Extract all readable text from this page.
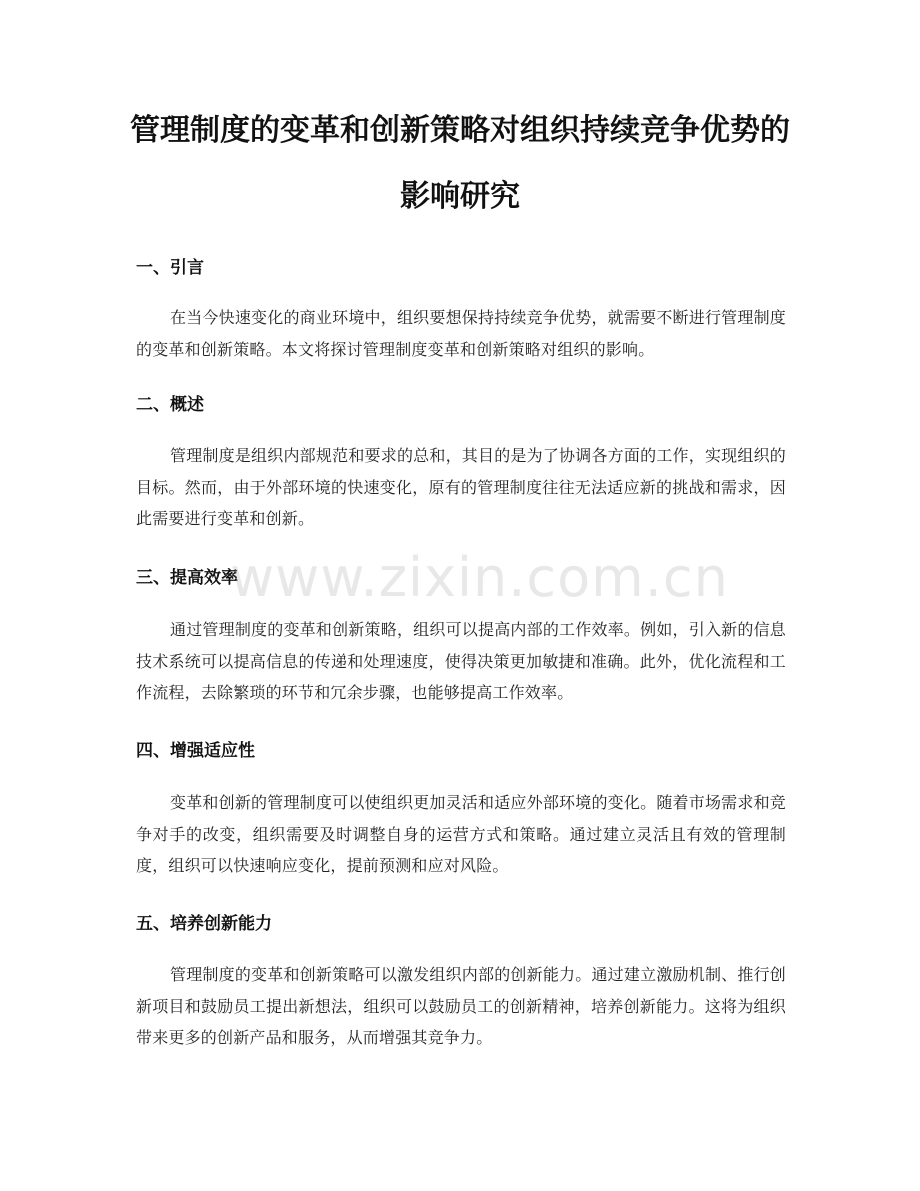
管理制度的变革和创新策略对组织持续竞争优势的影响研究
一、引言

在当今快速变化的商业环境中，组织要想保持持续竞争优势，就需要不断进行管理制度的变革和创新策略。本文将探讨管理制度变革和创新策略对组织的影响。

二、概述

管理制度是组织内部规范和要求的总和，其目的是为了协调各方面的工作，实现组织的目标。然而，由于外部环境的快速变化，原有的管理制度往往无法适应新的挑战和需求，因此需要进行变革和创新。

三、提高效率

通过管理制度的变革和创新策略，组织可以提高内部的工作效率。例如，引入新的信息技术系统可以提高信息的传递和处理速度，使得决策更加敏捷和准确。此外，优化流程和工作流程，去除繁琐的环节和冗余步骤，也能够提高工作效率。

四、增强适应性

变革和创新的管理制度可以使组织更加灵活和适应外部环境的变化。随着市场需求和竞争对手的改变，组织需要及时调整自身的运营方式和策略。通过建立灵活且有效的管理制度，组织可以快速响应变化，提前预测和应对风险。

五、培养创新能力

管理制度的变革和创新策略可以激发组织内部的创新能力。通过建立激励机制、推行创新项目和鼓励员工提出新想法，组织可以鼓励员工的创新精神，培养创新能力。这将为组织带来更多的创新产品和服务，从而增强其竞争力。

www.zixin.com.cn
